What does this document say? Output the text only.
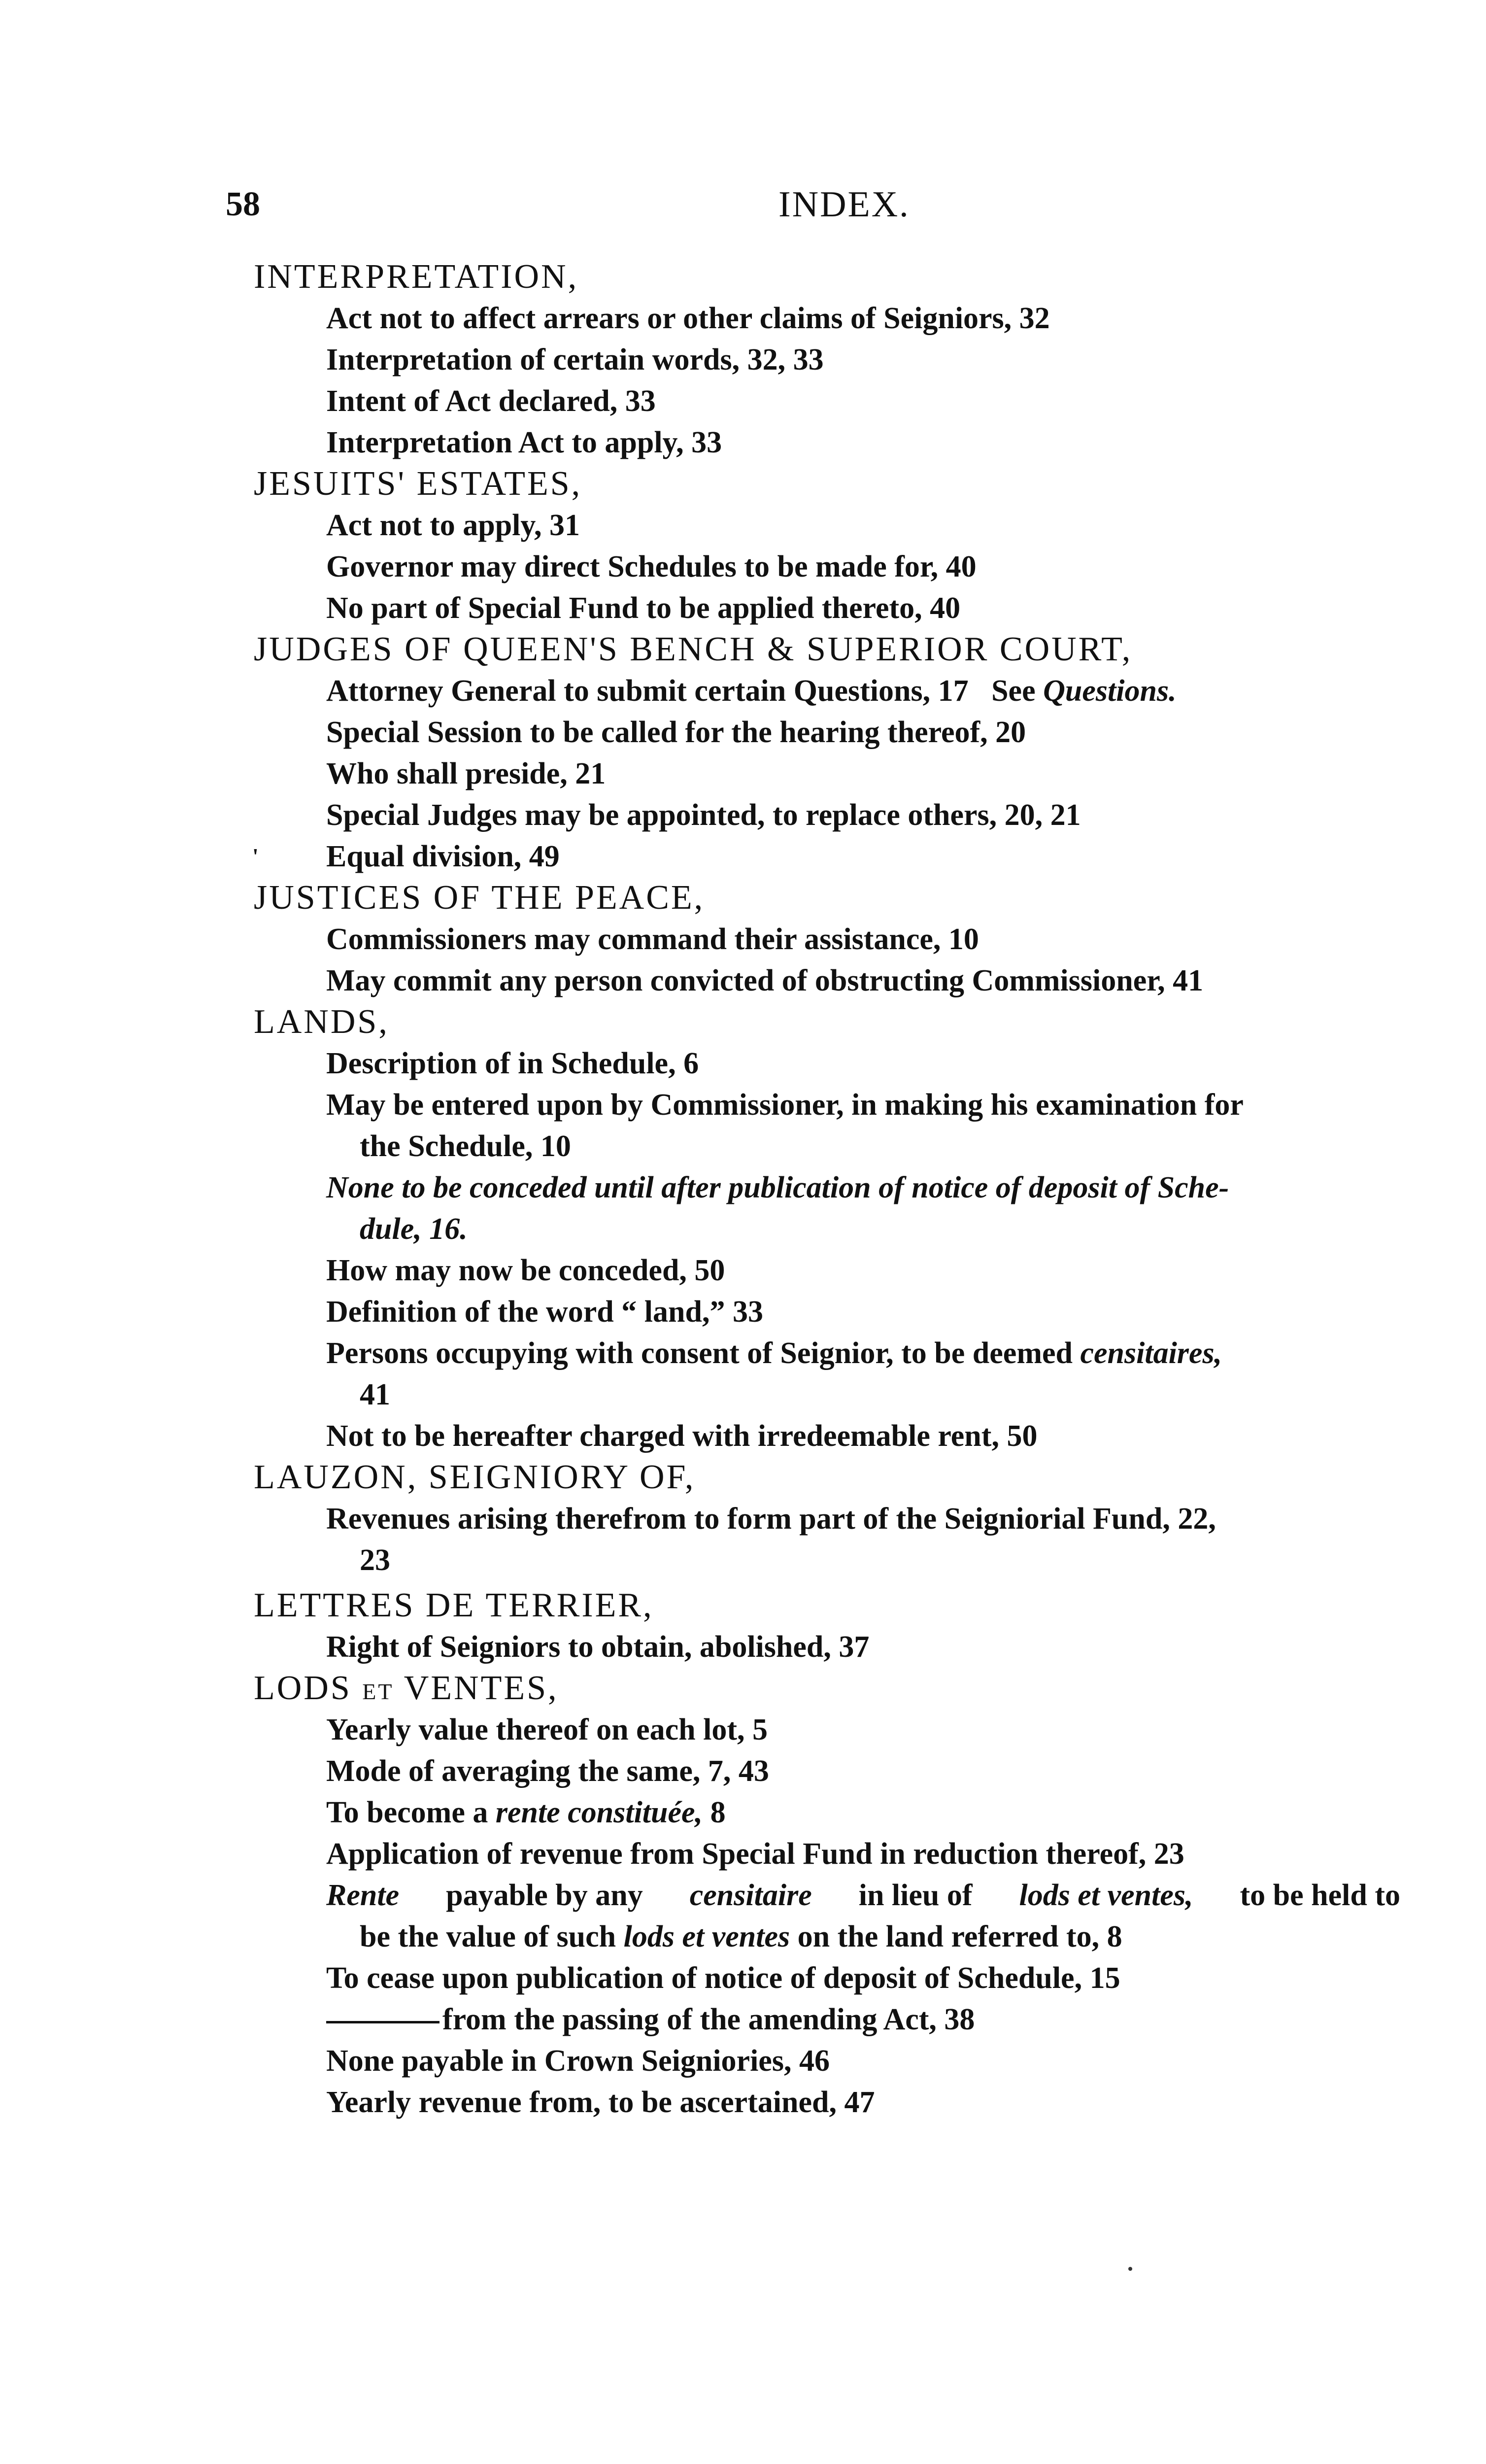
58	INDEX.
INTERPRETATION,
Act not to affect arrears or other claims of Seigniors, 32
Interpretation of certain words, 32, 33
Intent of Act declared, 33
Interpretation Act to apply, 33
JESUITS' ESTATES,
Act not to apply, 31
Governor may direct Schedules to be made for, 40
No part of Special Fund to be applied thereto, 40
JUDGES OF QUEEN'S BENCH & SUPERIOR COURT,
Attorney General to submit certain Questions, 17 See Questions.
Special Session to be called for the hearing thereof, 20
Who shall preside, 21
Special Judges may be appointed, to replace others, 20, 21
' Equal division, 49
JUSTICES OF THE PEACE,
Commissioners may command their assistance, 10
May commit any person convicted of obstructing Commissioner, 41
LANDS,
Description of in Schedule, 6
May be entered upon by Commissioner, in making his examination for
the Schedule, 10
None to be conceded until after publication of notice of deposit of Sche-
dule, 16.
How may now be conceded, 50
Definition of the word “ land,” 33
Persons occupying with consent of Seignior, to be deemed censitaires,
41
Not to be hereafter charged with irredeemable rent, 50
LAUZON, SEIGNIORY OF,
Revenues arising therefrom to form part of the Seigniorial Fund, 22,
23
LETTRES DE TERRIER,
Right of Seigniors to obtain, abolished, 37
LODS ET VENTES,
Yearly value thereof on each lot, 5
Mode of averaging the same, 7, 43
To become a rente constituée, 8
Application of revenue from Special Fund in reduction thereof, 23
Rente payable by any censitaire in lieu of lods et ventes, to be held to
be the value of such lods et ventes on the land referred to, 8
To cease upon publication of notice of deposit of Schedule, 15
from the passing of the amending Act, 38
None payable in Crown Seigniories, 46
Yearly revenue from, to be ascertained, 47
